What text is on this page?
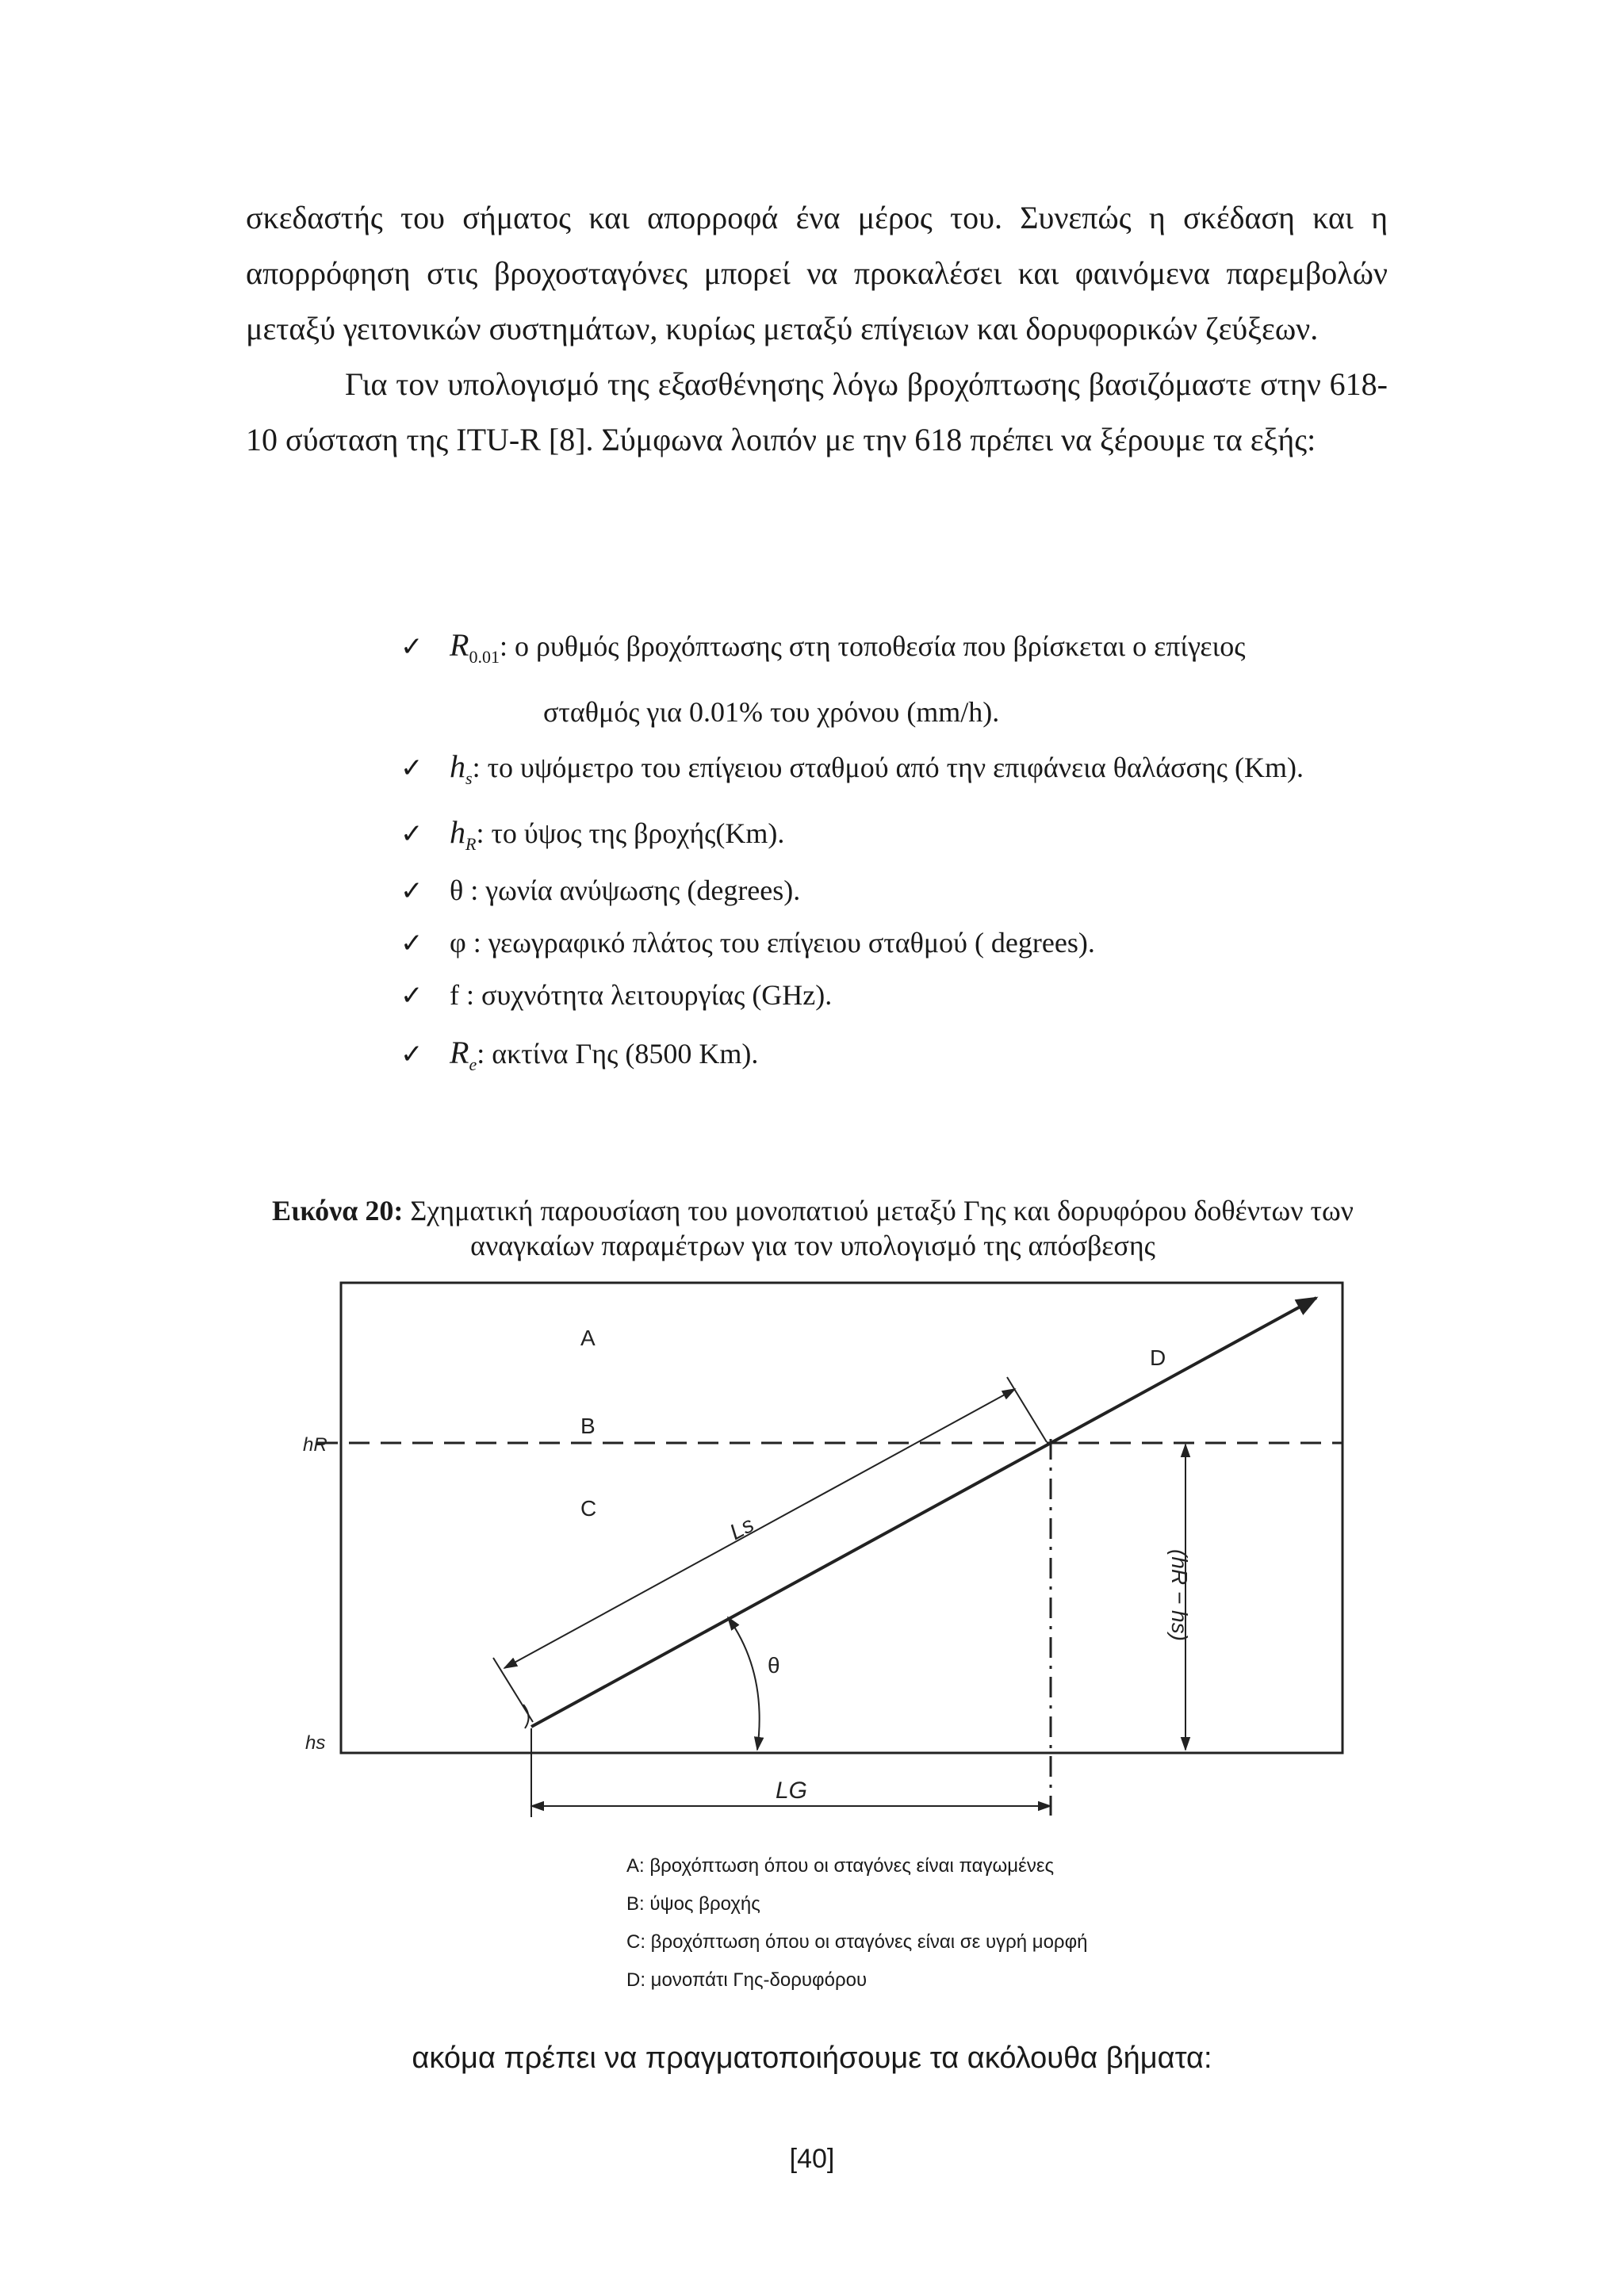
σκεδαστής του σήματος και απορροφά ένα μέρος του. Συνεπώς η σκέδαση και η απορρόφηση στις βροχοσταγόνες μπορεί να προκαλέσει και φαινόμενα παρεμβολών μεταξύ γειτονικών συστημάτων, κυρίως μεταξύ επίγειων και δορυφορικών ζεύξεων.

Για τον υπολογισμό της εξασθένησης λόγω βροχόπτωσης βασιζόμαστε στην 618-10 σύσταση της ITU-R [8]. Σύμφωνα λοιπόν με την 618 πρέπει να ξέρουμε τα εξής:

✓ $R_{0.01}$: ο ρυθμός βροχόπτωσης στη τοποθεσία που βρίσκεται ο επίγειος
σταθμός για 0.01% του χρόνου (mm/h).
✓ $h_s$: το υψόμετρο του επίγειου σταθμού από την επιφάνεια θαλάσσης (Km).
✓ $h_R$: το ύψος της βροχής(Km).
✓ θ : γωνία ανύψωσης (degrees).
✓ φ : γεωγραφικό πλάτος του επίγειου σταθμού ( degrees).
✓ f : συχνότητα λειτουργίας (GHz).
✓ $R_e$: ακτίνα Γης (8500 Km).
Εικόνα 20: Σχηματική παρουσίαση του μονοπατιού μεταξύ Γης και δορυφόρου δοθέντων των αναγκαίων παραμέτρων για τον υπολογισμό της απόσβεσης
A
B
C
D
hR
hs
Ls
LG
θ
(hR − hs)
A: βροχόπτωση όπου οι σταγόνες είναι παγωμένες
B: ύψος βροχής
C: βροχόπτωση όπου οι σταγόνες είναι σε υγρή μορφή
D: μονοπάτι Γης-δορυφόρου
ακόμα πρέπει να πραγματοποιήσουμε τα ακόλουθα βήματα:
[40]
